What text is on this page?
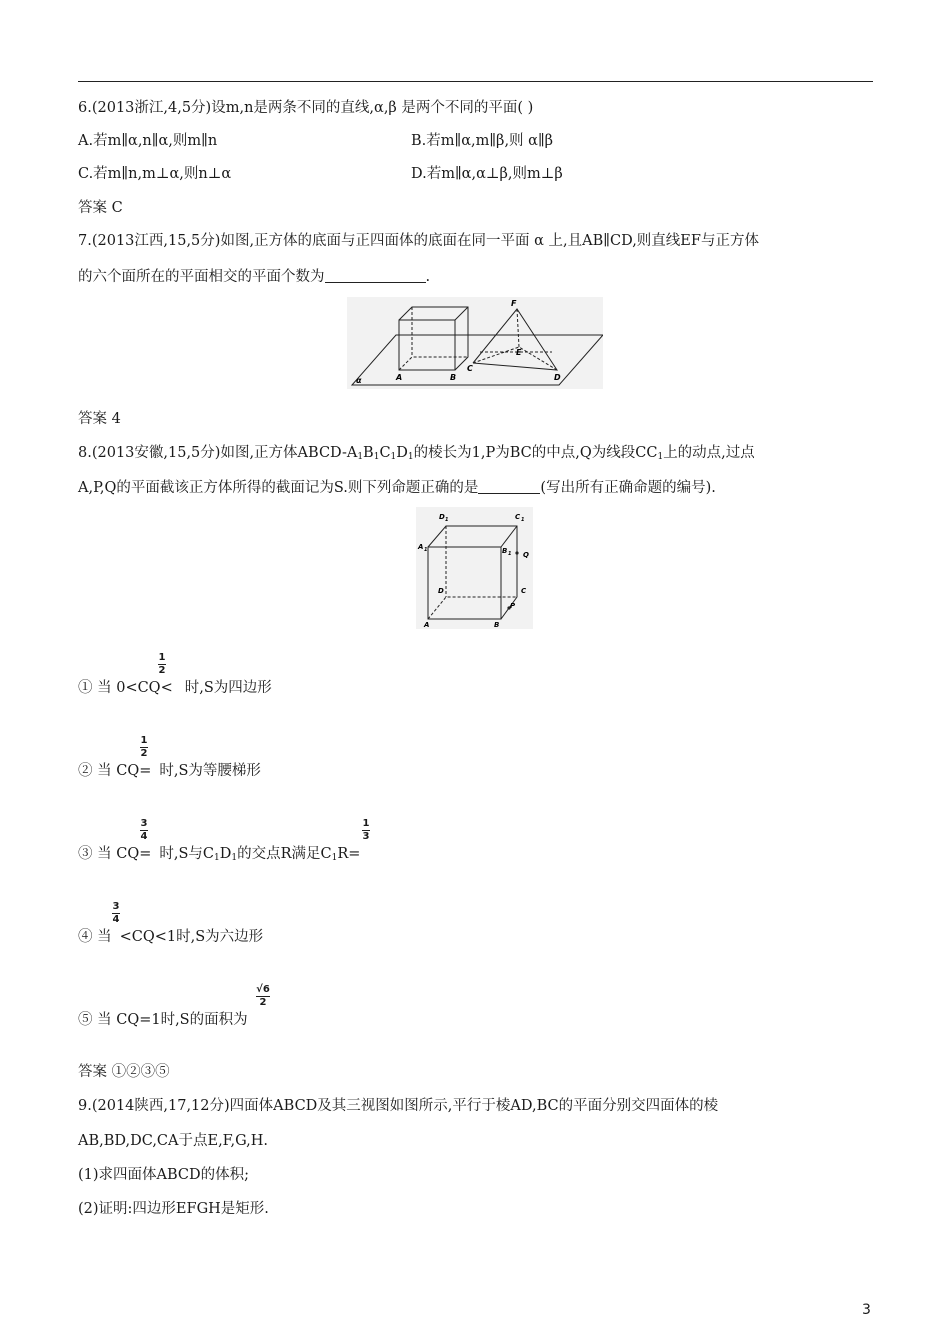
6.(2013浙江,4,5分)设m,n是两条不同的直线,α,β 是两个不同的平面( )
A.若m∥α,n∥α,则m∥n	B.若m∥α,m∥β,则 α∥β
C.若m∥n,m⊥α,则n⊥α	D.若m∥α,α⊥β,则m⊥β
答案 C
7.(2013江西,15,5分)如图,正方体的底面与正四面体的底面在同一平面 α 上,且AB∥CD,则直线EF与正方体
的六个面所在的平面相交的平面个数为	.
F
E
A	B
C
D
α
答案 4
8.(2013安徽,15,5分)如图,正方体ABCD-$A_1B_1C_1D_1$的棱长为1,P为BC的中点,Q为线段$CC_1$上的动点,过点
A,P,Q的平面截该正方体所得的截面记为S.则下列命题正确的是	(写出所有正确命题的编号).
D 1	C 1
A 1	B 1 Q
C
D
P
A	B
① 当 0<CQ< 时,S为四边形
1
2
② 当 CQ= 时,S为等腰梯形
1
2
③ 当 CQ= 时,S与$C_1D_1$的交点R满足$C_1R=$
3
4
1
3
④ 当 <CQ<1时,S为六边形
3
4
⑤ 当 CQ=1时,S的面积为
√6
2
答案 ①②③⑤
9.(2014陕西,17,12分)四面体ABCD及其三视图如图所示,平行于棱AD,BC的平面分别交四面体的棱
AB,BD,DC,CA于点E,F,G,H.
(1)求四面体ABCD的体积;
(2)证明:四边形EFGH是矩形.
3
